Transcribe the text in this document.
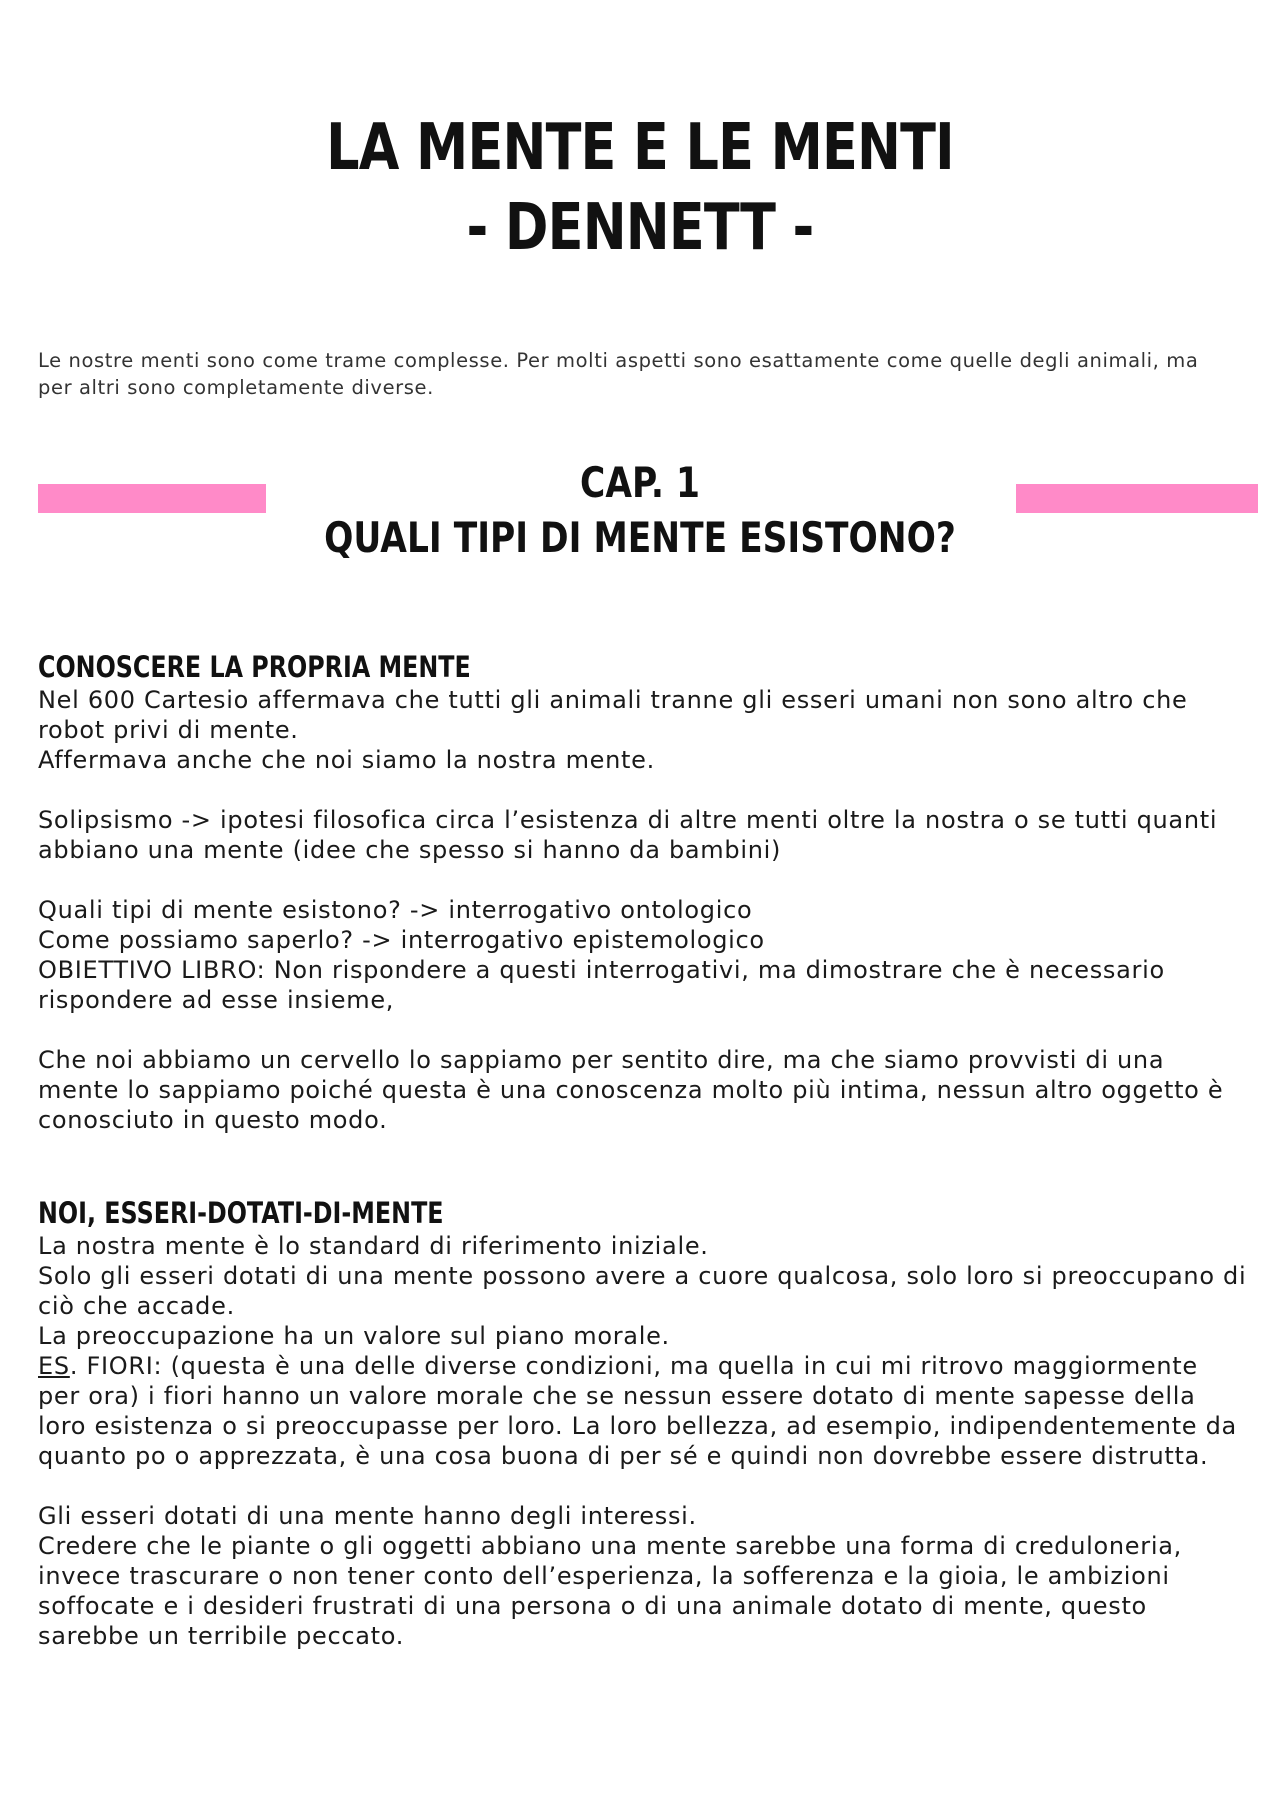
LA MENTE E LE MENTI
- DENNETT -

Le nostre menti sono come trame complesse. Per molti aspetti sono esattamente come quelle degli animali, ma per altri sono completamente diverse.

CAP. 1
QUALI TIPI DI MENTE ESISTONO?
CONOSCERE LA PROPRIA MENTE

Nel 600 Cartesio affermava che tutti gli animali tranne gli esseri umani non sono altro che robot privi di mente.

Affermava anche che noi siamo la nostra mente.

Solipsismo -> ipotesi filosofica circa l’esistenza di altre menti oltre la nostra o se tutti quanti abbiano una mente (idee che spesso si hanno da bambini)

Quali tipi di mente esistono? -> interrogativo ontologico

Come possiamo saperlo? -> interrogativo epistemologico

OBIETTIVO LIBRO: Non rispondere a questi interrogativi, ma dimostrare che è necessario rispondere ad esse insieme,

Che noi abbiamo un cervello lo sappiamo per sentito dire, ma che siamo provvisti di una mente lo sappiamo poiché questa è una conoscenza molto più intima, nessun altro oggetto è conosciuto in questo modo.

NOI, ESSERI-DOTATI-DI-MENTE

La nostra mente è lo standard di riferimento iniziale.

Solo gli esseri dotati di una mente possono avere a cuore qualcosa, solo loro si preoccupano di ciò che accade.

La preoccupazione ha un valore sul piano morale.

ES. FIORI: (questa è una delle diverse condizioni, ma quella in cui mi ritrovo maggiormente per ora) i fiori hanno un valore morale che se nessun essere dotato di mente sapesse della loro esistenza o si preoccupasse per loro. La loro bellezza, ad esempio, indipendentemente da quanto po o apprezzata, è una cosa buona di per sé e quindi non dovrebbe essere distrutta.

Gli esseri dotati di una mente hanno degli interessi.

Credere che le piante o gli oggetti abbiano una mente sarebbe una forma di creduloneria, invece trascurare o non tener conto dell’esperienza, la sofferenza e la gioia, le ambizioni soffocate e i desideri frustrati di una persona o di una animale dotato di mente, questo sarebbe un terribile peccato.
